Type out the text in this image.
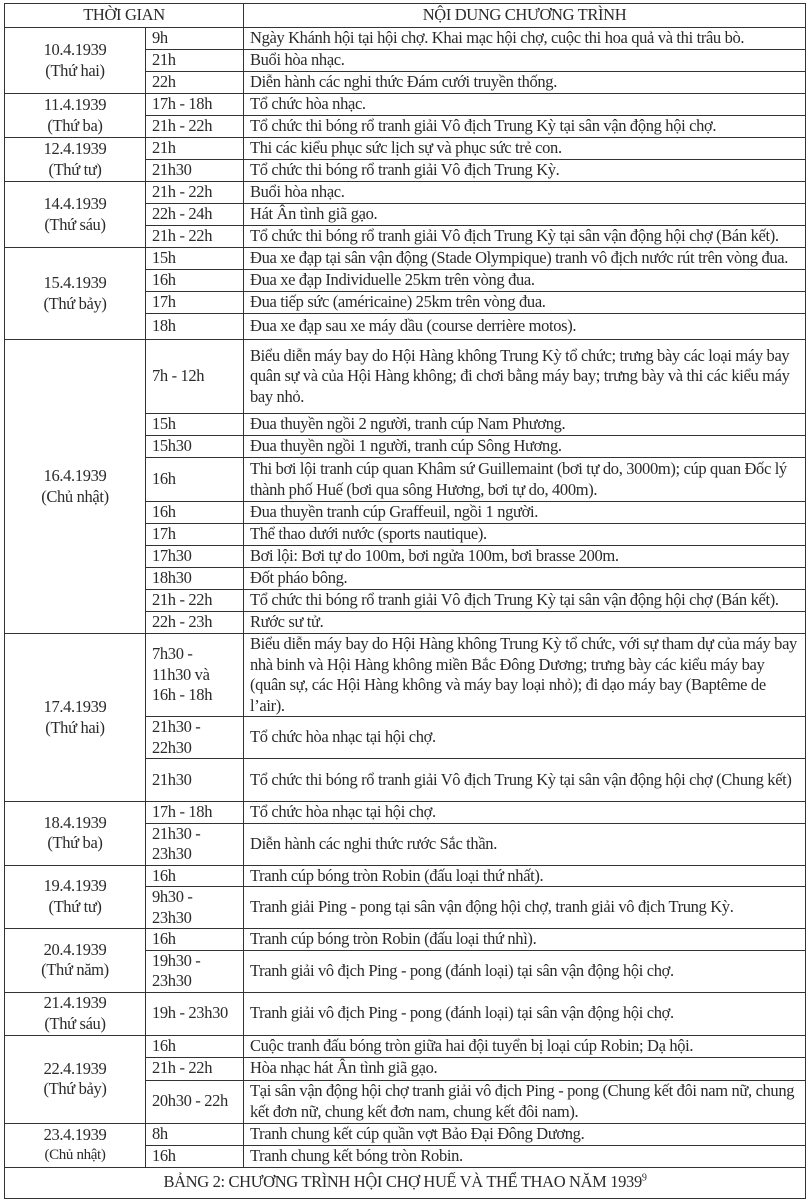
THỜI GIAN		NỘI DUNG CHƯƠNG TRÌNH

10.4.1939
(Thứ hai)	9h	Ngày Khánh hội tại hội chợ. Khai mạc hội chợ, cuộc thi hoa quả và thi trâu bò.
	21h	Buổi hòa nhạc.
	22h	Diễn hành các nghi thức Đám cưới truyền thống.

11.4.1939
(Thứ ba)	17h - 18h	Tổ chức hòa nhạc.
	21h - 22h	Tổ chức thi bóng rổ tranh giải Vô địch Trung Kỳ tại sân vận động hội chợ.

12.4.1939
(Thứ tư)	21h	Thi các kiểu phục sức lịch sự và phục sức trẻ con.
	21h30	Tổ chức thi bóng rổ tranh giải Vô địch Trung Kỳ.

14.4.1939
(Thứ sáu)	21h - 22h	Buổi hòa nhạc.
	22h - 24h	Hát Ân tình giã gạo.
	21h - 22h	Tổ chức thi bóng rổ tranh giải Vô địch Trung Kỳ tại sân vận động hội chợ (Bán kết).

15.4.1939
(Thứ bảy)	15h	Đua xe đạp tại sân vận động (Stade Olympique) tranh vô địch nước rút trên vòng đua.
	16h	Đua xe đạp Individuelle 25km trên vòng đua.
	17h	Đua tiếp sức (américaine) 25km trên vòng đua.
	18h	Đua xe đạp sau xe máy dầu (course derrière motos).

16.4.1939
(Chủ nhật)	7h - 12h	Biểu diễn máy bay do Hội Hàng không Trung Kỳ tổ chức; trưng bày các loại máy bay quân sự và của Hội Hàng không; đi chơi bằng máy bay; trưng bày và thi các kiểu máy bay nhỏ.
	15h	Đua thuyền ngồi 2 người, tranh cúp Nam Phương.
	15h30	Đua thuyền ngồi 1 người, tranh cúp Sông Hương.
	16h	Thi bơi lội tranh cúp quan Khâm sứ Guillemaint (bơi tự do, 3000m); cúp quan Đốc lý thành phố Huế (bơi qua sông Hương, bơi tự do, 400m).
	16h	Đua thuyền tranh cúp Graffeuil, ngồi 1 người.
	17h	Thể thao dưới nước (sports nautique).
	17h30	Bơi lội: Bơi tự do 100m, bơi ngửa 100m, bơi brasse 200m.
	18h30	Đốt pháo bông.
	21h - 22h	Tổ chức thi bóng rổ tranh giải Vô địch Trung Kỳ tại sân vận động hội chợ (Bán kết).
	22h - 23h	Rước sư tử.

17.4.1939
(Thứ hai)	7h30 - 11h30 và 16h - 18h	Biểu diễn máy bay do Hội Hàng không Trung Kỳ tổ chức, với sự tham dự của máy bay nhà binh và Hội Hàng không miền Bắc Đông Dương; trưng bày các kiểu máy bay (quân sự, các Hội Hàng không và máy bay loại nhỏ); đi dạo máy bay (Baptême de l’air).
	21h30 - 22h30	Tổ chức hòa nhạc tại hội chợ.
	21h30	Tổ chức thi bóng rổ tranh giải Vô địch Trung Kỳ tại sân vận động hội chợ (Chung kết)

18.4.1939
(Thứ ba)	17h - 18h	Tổ chức hòa nhạc tại hội chợ.
	21h30 - 23h30	Diễn hành các nghi thức rước Sắc thần.

19.4.1939
(Thứ tư)	16h	Tranh cúp bóng tròn Robin (đấu loại thứ nhất).
	9h30 - 23h30	Tranh giải Ping - pong tại sân vận động hội chợ, tranh giải vô địch Trung Kỳ.

20.4.1939
(Thứ năm)	16h	Tranh cúp bóng tròn Robin (đấu loại thứ nhì).
	19h30 - 23h30	Tranh giải vô địch Ping - pong (đánh loại) tại sân vận động hội chợ.

21.4.1939
(Thứ sáu)	19h - 23h30	Tranh giải vô địch Ping - pong (đánh loại) tại sân vận động hội chợ.

22.4.1939
(Thứ bảy)	16h	Cuộc tranh đấu bóng tròn giữa hai đội tuyển bị loại cúp Robin; Dạ hội.
	21h - 22h	Hòa nhạc hát Ân tình giã gạo.
	20h30 - 22h	Tại sân vận động hội chợ tranh giải vô địch Ping - pong (Chung kết đôi nam nữ, chung kết đơn nữ, chung kết đơn nam, chung kết đôi nam).

23.4.1939
(Chủ nhật)	8h	Tranh chung kết cúp quần vợt Bảo Đại Đông Dương.
	16h	Tranh chung kết bóng tròn Robin.
BẢNG 2: CHƯƠNG TRÌNH HỘI CHỢ HUẾ VÀ THỂ THAO NĂM 1939$^9$
